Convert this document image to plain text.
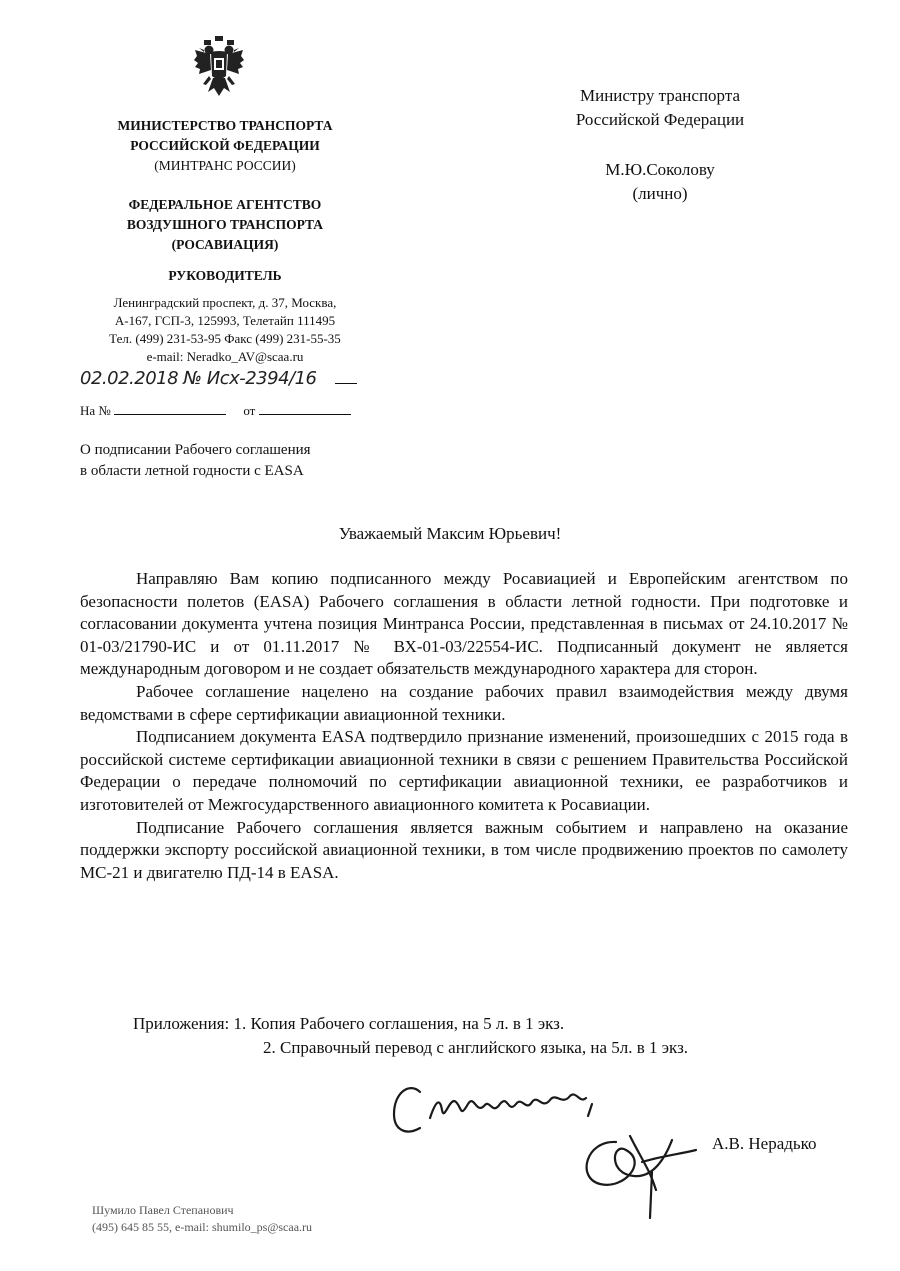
МИНИСТЕРСТВО ТРАНСПОРТА
РОССИЙСКОЙ ФЕДЕРАЦИИ
(МИНТРАНС РОССИИ)
ФЕДЕРАЛЬНОЕ АГЕНТСТВО
ВОЗДУШНОГО ТРАНСПОРТА
(РОСАВИАЦИЯ)
РУКОВОДИТЕЛЬ
Ленинградский проспект, д. 37, Москва,
А-167, ГСП-3, 125993, Телетайп 111495
Тел. (499) 231-53-95 Факс (499) 231-55-35
e-mail: Neradko_AV@scaa.ru
02.02.2018 № Исх-2394/16
На №	от
О подписании Рабочего соглашения
в области летной годности с EASA
Министру транспорта
Российской Федерации
М.Ю.Соколову
(лично)
Уважаемый Максим Юрьевич!

Направляю Вам копию подписанного между Росавиацией и Европейским агентством по безопасности полетов (EASA) Рабочего соглашения в области летной годности. При подготовке и согласовании документа учтена позиция Минтранса России, представленная в письмах от 24.10.2017 № 01-03/21790-ИС и от 01.11.2017 № ВХ-01-03/22554-ИС. Подписанный документ не является международным договором и не создает обязательств международного характера для сторон.

Рабочее соглашение нацелено на создание рабочих правил взаимодействия между двумя ведомствами в сфере сертификации авиационной техники.

Подписанием документа EASA подтвердило признание изменений, произошедших с 2015 года в российской системе сертификации авиационной техники в связи с решением Правительства Российской Федерации о передаче полномочий по сертификации авиационной техники, ее разработчиков и изготовителей от Межгосударственного авиационного комитета к Росавиации.

Подписание Рабочего соглашения является важным событием и направлено на оказание поддержки экспорту российской авиационной техники, в том числе продвижению проектов по самолету МС-21 и двигателю ПД-14 в EASA.

Приложения: 1. Копия Рабочего соглашения, на 5 л. в 1 экз.
2. Справочный перевод с английского языка, на 5л. в 1 экз.
А.В. Нерадько
Шумило Павел Степанович
(495) 645 85 55, e-mail: shumilo_ps@scaa.ru
